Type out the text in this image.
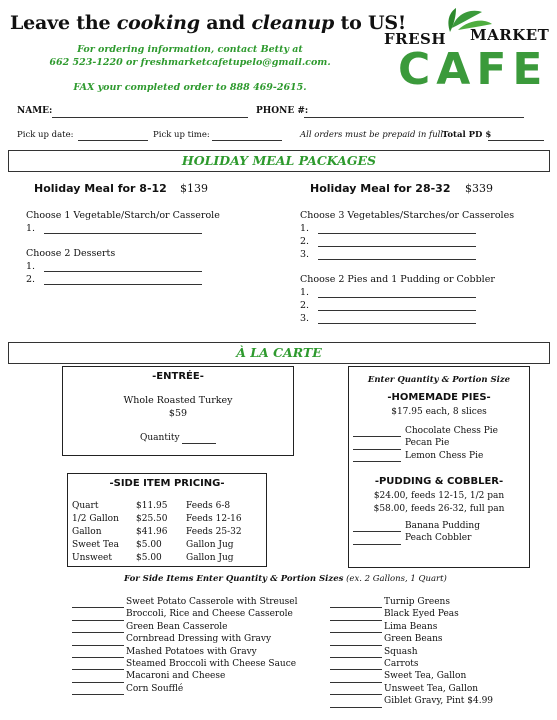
Leave the cooking and cleanup to US!
For ordering information, contact Betty at
662 523-1220 or freshmarketcafetupelo@gmail.com.
FAX your completed order to 888 469-2615.
FRESH MARKET
CAFE
NAME:	PHONE #:
Pick up date:	Pick up time:	All orders must be prepaid in full.
Total PD $
HOLIDAY MEAL PACKAGES
Holiday Meal for 8-12 $139
Choose 1 Vegetable/Starch/or Casserole
1.
Choose 2 Desserts
1.
2.
Holiday Meal for 28-32 $339
Choose 3 Vegetables/Starches/or Casseroles
1.
2.
3.
Choose 2 Pies and 1 Pudding or Cobbler
1.
2.
3.
À LA CARTE
-ENTRÉE-
Whole Roasted Turkey
$59
Quantity
-SIDE ITEM PRICING-
Quart	$11.95	Feeds 6-8
1/2 Gallon	$25.50	Feeds 12-16
Gallon	$41.96	Feeds 25-32
Sweet Tea	$5.00	Gallon Jug
Unsweet	$5.00	Gallon Jug
Enter Quantity & Portion Size
-HOMEMADE PIES-
$17.95 each, 8 slices
Chocolate Chess Pie
Pecan Pie
Lemon Chess Pie
-PUDDING & COBBLER-
$24.00, feeds 12-15, 1/2 pan
$58.00, feeds 26-32, full pan
Banana Pudding
Peach Cobbler
For Side Items Enter Quantity & Portion Sizes (ex. 2 Gallons, 1 Quart)
Sweet Potato Casserole with Streusel
Broccoli, Rice and Cheese Casserole
Green Bean Casserole
Cornbread Dressing with Gravy
Mashed Potatoes with Gravy
Steamed Broccoli with Cheese Sauce
Macaroni and Cheese
Corn Soufflé
Turnip Greens
Black Eyed Peas
Lima Beans
Green Beans
Squash
Carrots
Sweet Tea, Gallon
Unsweet Tea, Gallon
Giblet Gravy, Pint $4.99
